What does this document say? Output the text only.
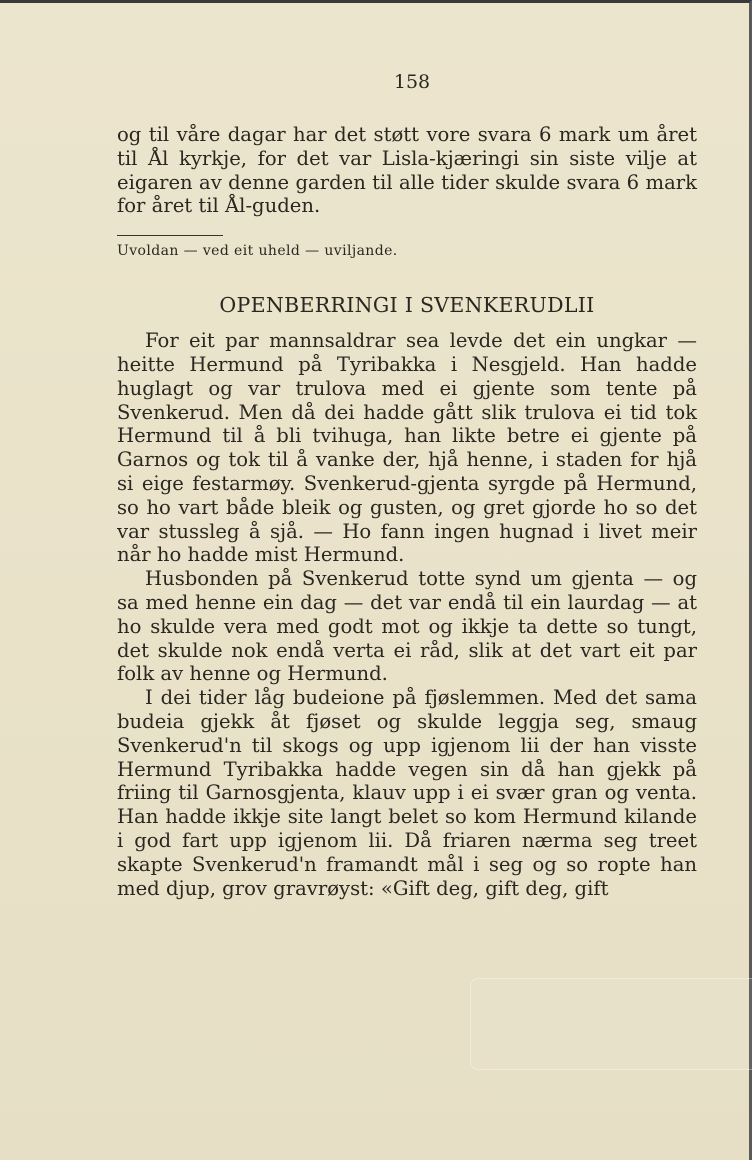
158

og til våre dagar har det støtt vore svara 6 mark um året til Ål kyrkje, for det var Lisla-kjæringi sin siste vilje at eigaren av denne garden til alle tider skulde svara 6 mark for året til Ål-guden.

Uvoldan — ved eit uheld — uviljande.
OPENBERRINGI I SVENKERUDLII

For eit par mannsaldrar sea levde det ein ungkar — heitte Hermund på Tyribakka i Nesgjeld. Han hadde huglagt og var trulova med ei gjente som tente på Svenkerud. Men då dei hadde gått slik trulova ei tid tok Hermund til å bli tvihuga, han likte betre ei gjente på Garnos og tok til å vanke der, hjå henne, i staden for hjå si eige festarmøy. Svenkerud-gjenta syrgde på Hermund, so ho vart både bleik og gusten, og gret gjorde ho so det var stussleg å sjå. — Ho fann ingen hugnad i livet meir når ho hadde mist Hermund.

Husbonden på Svenkerud totte synd um gjenta — og sa med henne ein dag — det var endå til ein laurdag — at ho skulde vera med godt mot og ikkje ta dette so tungt, det skulde nok endå verta ei råd, slik at det vart eit par folk av henne og Hermund.

I dei tider låg budeione på fjøslemmen. Med det sama budeia gjekk åt fjøset og skulde leggja seg, smaug Svenkerud'n til skogs og upp igjenom lii der han visste Hermund Tyribakka hadde vegen sin då han gjekk på friing til Garnosgjenta, klauv upp i ei svær gran og venta. Han hadde ikkje site langt belet so kom Hermund kilande i god fart upp igjenom lii. Då friaren nærma seg treet skapte Svenkerud'n framandt mål i seg og so ropte han med djup, grov gravrøyst: «Gift deg, gift deg, gift
